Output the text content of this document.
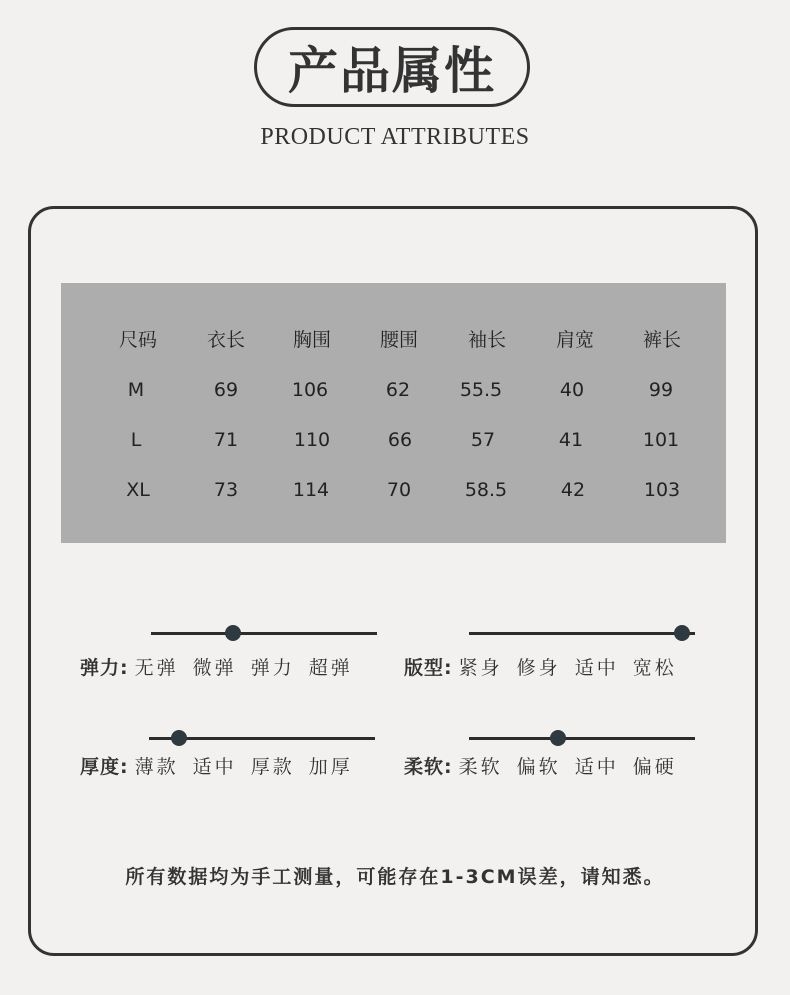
产品属性
PRODUCT ATTRIBUTES
尺码	衣长	胸围	腰围	袖长	肩宽	裤长
M	69	106	62	55.5	40	99
L	71	110	66	57	41	101
XL	73	114	70	58.5	42	103
弹力: 无弹 微弹 弹力 超弹	版型: 紧身 修身 适中 宽松
厚度: 薄款 适中 厚款 加厚	柔软: 柔软 偏软 适中 偏硬
所有数据均为手工测量，可能存在1-3CM误差，请知悉。
